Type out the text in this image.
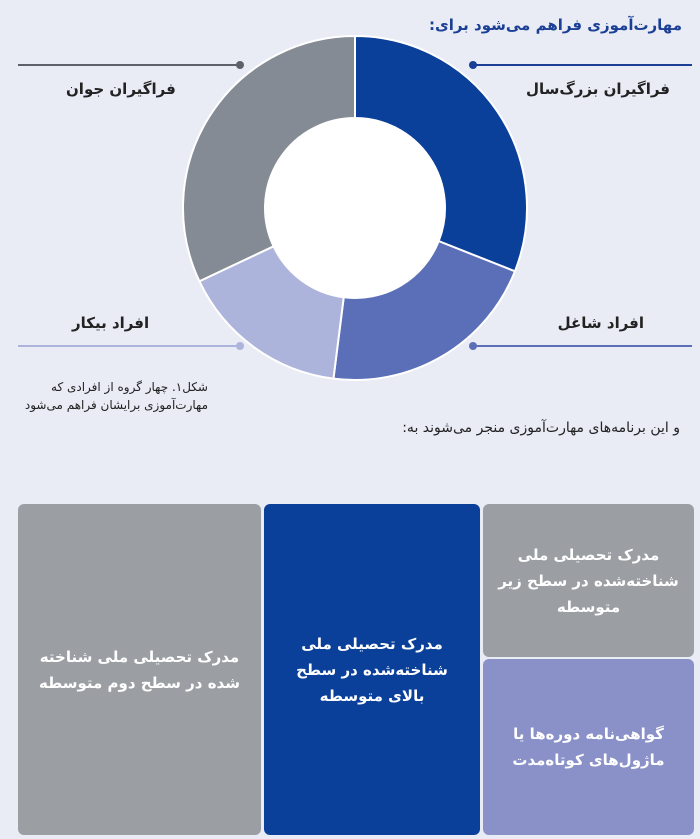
مهارت‌آموزی فراهم می‌شود برای:
فراگیران بزرگ‌سال
فراگیران جوان
افراد شاغل
افراد بیکار
شکل۱. چهار گروه از افرادی که مهارت‌آموزی برایشان فراهم می‌شود
و این برنامه‌های مهارت‌آموزی منجر می‌شوند به:
مدرک تحصیلی ملی شناخته‌شده در سطح زیر متوسطه
گواهی‌نامه دوره‌ها یا ماژول‌های کوتاه‌مدت
مدرک تحصیلی ملی شناخته‌شده در سطح بالای متوسطه
مدرک تحصیلی ملی شناخته شده در سطح دوم متوسطه
